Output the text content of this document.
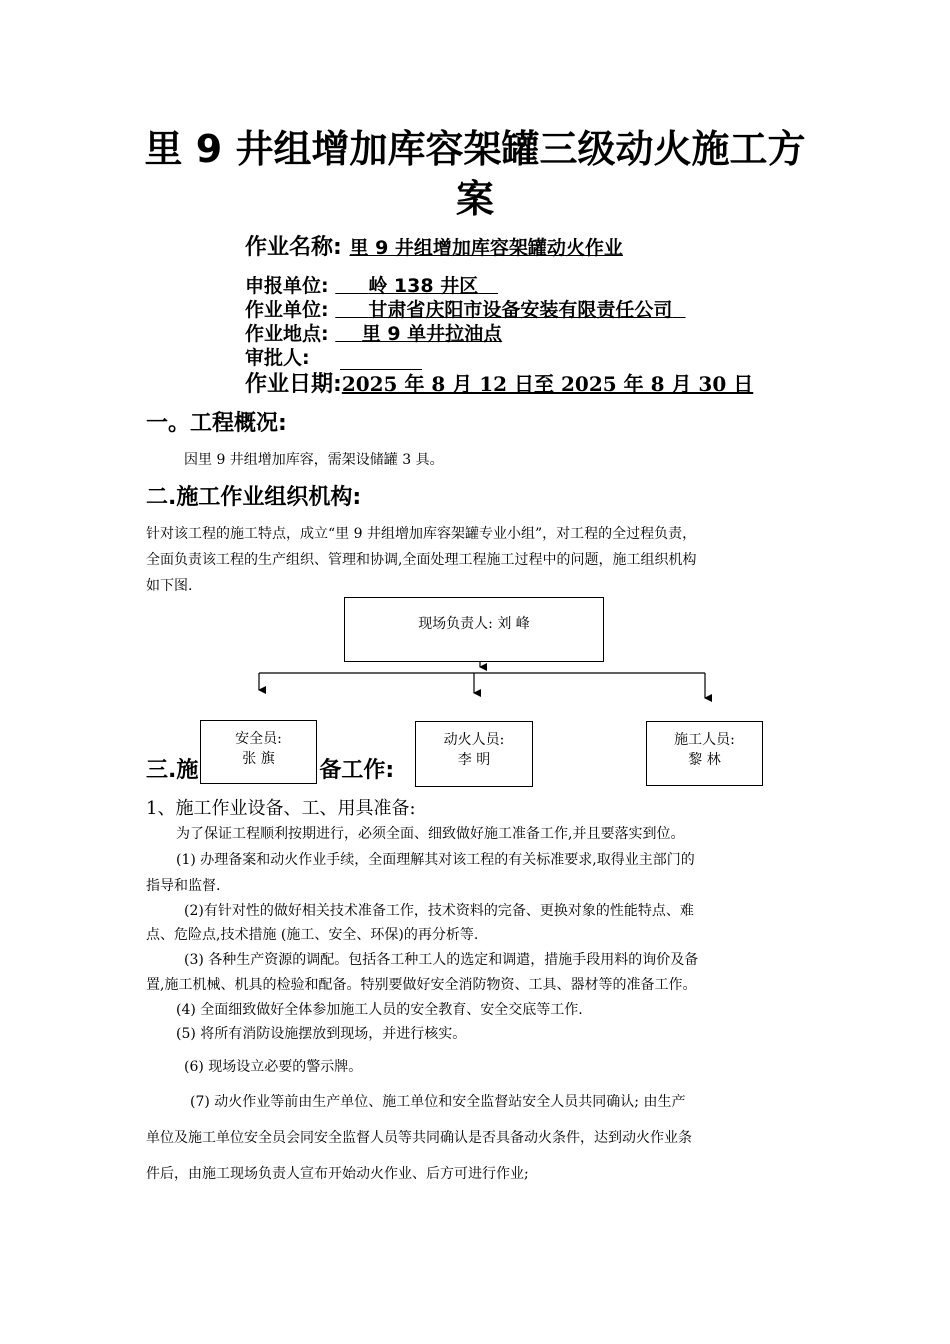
里 9 井组增加库容架罐三级动火施工方
案
作业名称: 里 9 井组增加库容架罐动火作业
申报单位: 岭 138 井区
作业单位: 甘肃省庆阳市设备安装有限责任公司
作业地点: 里 9 单井拉油点
审批人:
作业日期:2025 年 8 月 12 日至 2025 年 8 月 30 日
一。工程概况:
因里 9 井组增加库容，需架设储罐 3 具。
二.施工作业组织机构:
针对该工程的施工特点，成立“里 9 井组增加库容架罐专业小组”，对工程的全过程负责，
全面负责该工程的生产组织、管理和协调,全面处理工程施工过程中的问题，施工组织机构
如下图.
现场负责人: 刘 峰
三.施	备工作:
安全员:
张 旗
动火人员:
李 明
施工人员:
黎 林
1、施工作业设备、工、用具准备:
为了保证工程顺利按期进行，必须全面、细致做好施工准备工作,并且要落实到位。
(1) 办理备案和动火作业手续，全面理解其对该工程的有关标准要求,取得业主部门的
指导和监督.
(2)有针对性的做好相关技术准备工作，技术资料的完备、更换对象的性能特点、难
点、危险点,技术措施 (施工、安全、环保)的再分析等.
(3) 各种生产资源的调配。包括各工种工人的选定和调遣，措施手段用料的询价及备
置,施工机械、机具的检验和配备。特别要做好安全消防物资、工具、器材等的准备工作。
(4) 全面细致做好全体参加施工人员的安全教育、安全交底等工作.
(5) 将所有消防设施摆放到现场，并进行核实。
(6) 现场设立必要的警示牌。
(7) 动火作业等前由生产单位、施工单位和安全监督站安全人员共同确认; 由生产
单位及施工单位安全员会同安全监督人员等共同确认是否具备动火条件，达到动火作业条
件后，由施工现场负责人宣布开始动火作业、后方可进行作业;
